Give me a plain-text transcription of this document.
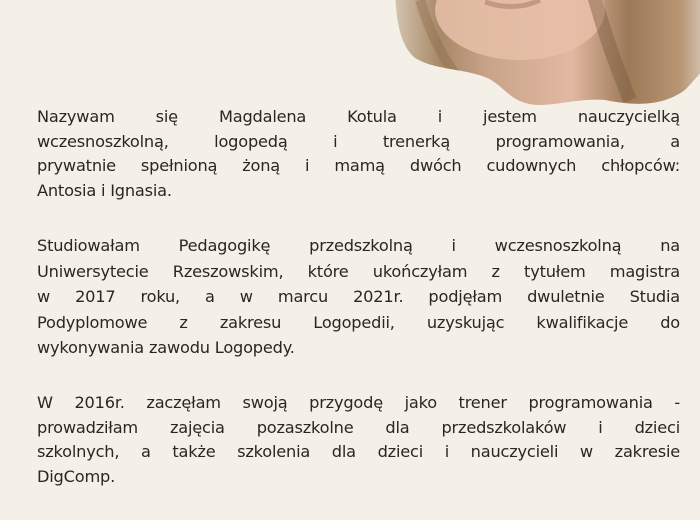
Nazywam się Magdalena Kotula i jestem nauczycielką
wczesnoszkolną, logopedą i trenerką programowania, a
prywatnie spełnioną żoną i mamą dwóch cudownych chłopców:
Antosia i Ignasia.
Studiowałam Pedagogikę przedszkolną i wczesnoszkolną na
Uniwersytecie Rzeszowskim, które ukończyłam z tytułem magistra
w 2017 roku, a w marcu 2021r. podjęłam dwuletnie Studia
Podyplomowe z zakresu Logopedii, uzyskując kwalifikacje do
wykonywania zawodu Logopedy.
W 2016r. zaczęłam swoją przygodę jako trener programowania -
prowadziłam zajęcia pozaszkolne dla przedszkolaków i dzieci
szkolnych, a także szkolenia dla dzieci i nauczycieli w zakresie
DigComp.
